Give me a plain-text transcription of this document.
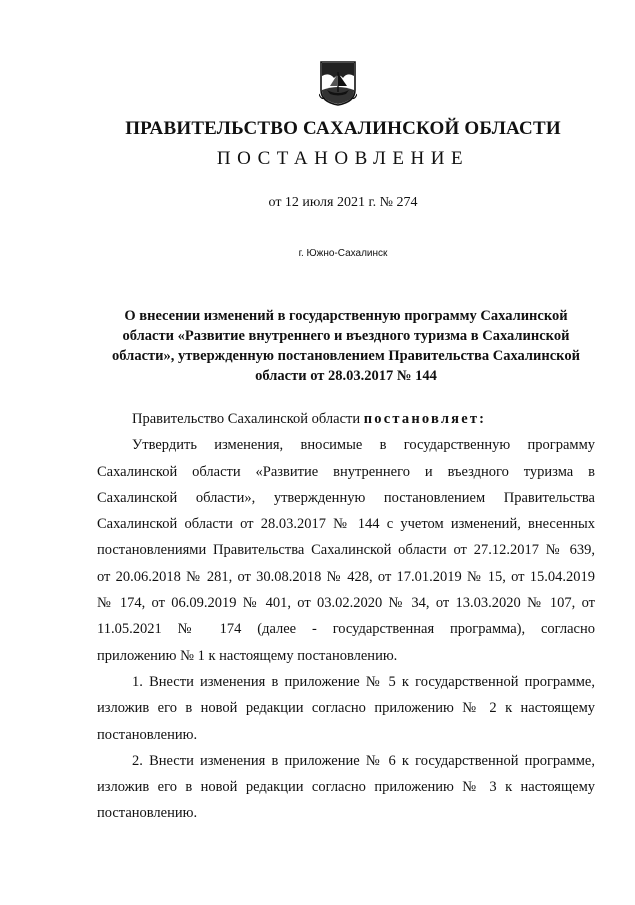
ПРАВИТЕЛЬСТВО САХАЛИНСКОЙ ОБЛАСТИ
ПОСТАНОВЛЕНИЕ
от 12 июля 2021 г. № 274
г. Южно-Сахалинск
О внесении изменений в государственную программу Сахалинской
области «Развитие внутреннего и въездного туризма в Сахалинской
области», утвержденную постановлением Правительства Сахалинской
области от 28.03.2017 № 144
Правительство Сахалинской области постановляет:
Утвердить изменения, вносимые в государственную программу
Сахалинской области «Развитие внутреннего и въездного туризма в
Сахалинской области», утвержденную постановлением Правительства
Сахалинской области от 28.03.2017 № 144 с учетом изменений, внесенных
постановлениями Правительства Сахалинской области от 27.12.2017 № 639,
от 20.06.2018 № 281, от 30.08.2018 № 428, от 17.01.2019 № 15, от 15.04.2019
№ 174, от 06.09.2019 № 401, от 03.02.2020 № 34, от 13.03.2020 № 107, от
11.05.2021 № 174 (далее - государственная программа), согласно
приложению № 1 к настоящему постановлению.
1. Внести изменения в приложение № 5 к государственной программе,
изложив его в новой редакции согласно приложению № 2 к настоящему
постановлению.
2. Внести изменения в приложение № 6 к государственной программе,
изложив его в новой редакции согласно приложению № 3 к настоящему
постановлению.
